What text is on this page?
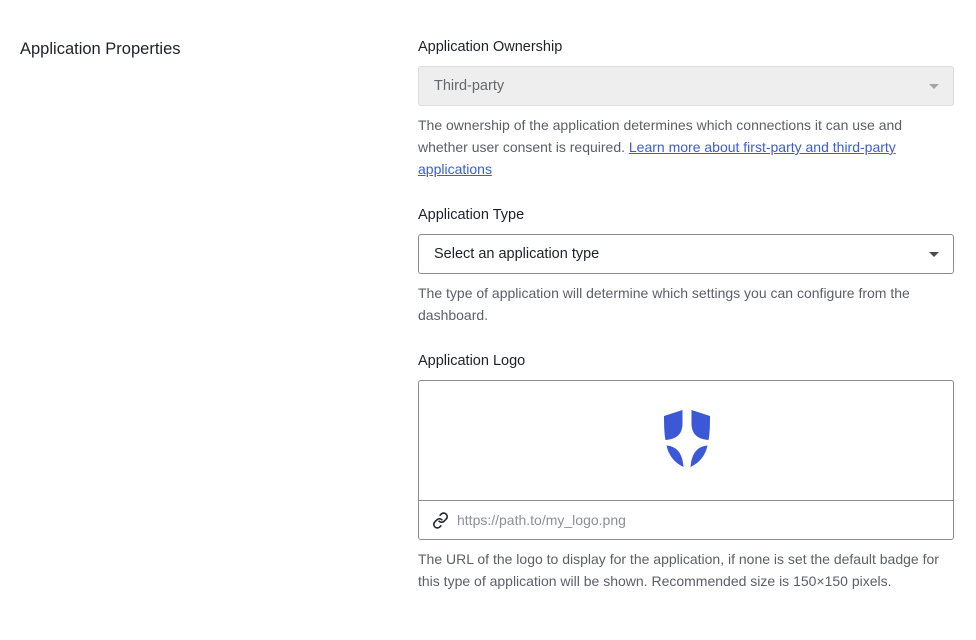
Application Properties	Application Ownership
Third-party

The ownership of the application determines which connections it can use and whether user consent is required. Learn more about first-party and third-party applications

Application Type
Select an application type

The type of application will determine which settings you can configure from the dashboard.

Application Logo
https://path.to/my_logo.png

The URL of the logo to display for the application, if none is set the default badge for this type of application will be shown. Recommended size is 150×150 pixels.
